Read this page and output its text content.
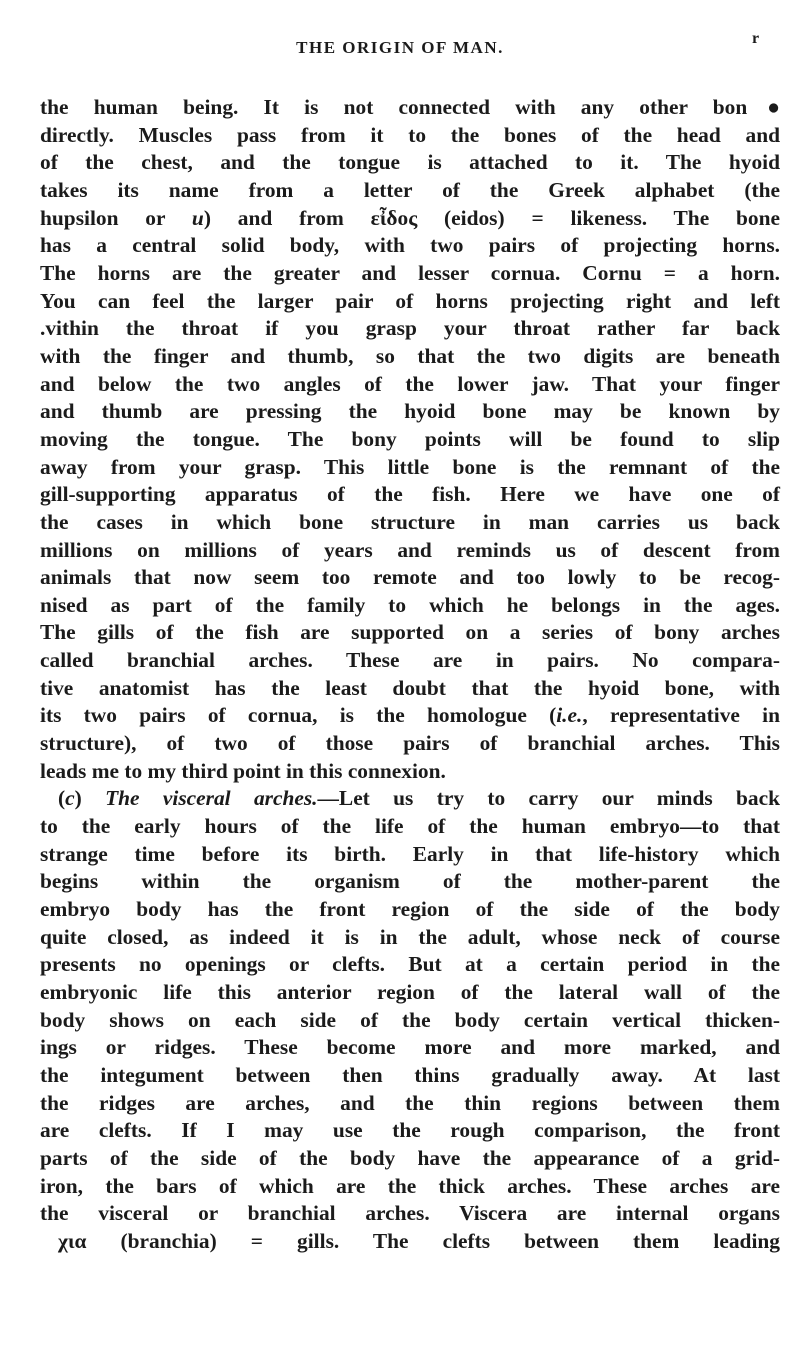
THE ORIGIN OF MAN.	r
the human being. It is not connected with any other bon●
directly. Muscles pass from it to the bones of the head and
of the chest, and the tongue is attached to it. The hyoid
takes its name from a letter of the Greek alphabet (the
hupsilon or u) and from εἶδος (eidos) = likeness. The bone
has a central solid body, with two pairs of projecting horns.
The horns are the greater and lesser cornua. Cornu = a horn.
You can feel the larger pair of horns projecting right and left
.vithin the throat if you grasp your throat rather far back
with the finger and thumb, so that the two digits are beneath
and below the two angles of the lower jaw. That your finger
and thumb are pressing the hyoid bone may be known by
moving the tongue. The bony points will be found to slip
away from your grasp. This little bone is the remnant of the
gill-supporting apparatus of the fish. Here we have one of
the cases in which bone structure in man carries us back
millions on millions of years and reminds us of descent from
animals that now seem too remote and too lowly to be recog-
nised as part of the family to which he belongs in the ages.
The gills of the fish are supported on a series of bony arches
called branchial arches. These are in pairs. No compara-
tive anatomist has the least doubt that the hyoid bone, with
its two pairs of cornua, is the homologue (i.e., representative in
structure), of two of those pairs of branchial arches. This
leads me to my third point in this connexion.
(c) The visceral arches.—Let us try to carry our minds back
to the early hours of the life of the human embryo—to that
strange time before its birth. Early in that life-history which
begins within the organism of the mother-parent the
embryo body has the front region of the side of the body
quite closed, as indeed it is in the adult, whose neck of course
presents no openings or clefts. But at a certain period in the
embryonic life this anterior region of the lateral wall of the
body shows on each side of the body certain vertical thicken-
ings or ridges. These become more and more marked, and
the integument between then thins gradually away. At last
the ridges are arches, and the thin regions between them
are clefts. If I may use the rough comparison, the front
parts of the side of the body have the appearance of a grid-
iron, the bars of which are the thick arches. These arches are
the visceral or branchial arches. Viscera are internal organs
χια (branchia) = gills. The clefts between them leading
